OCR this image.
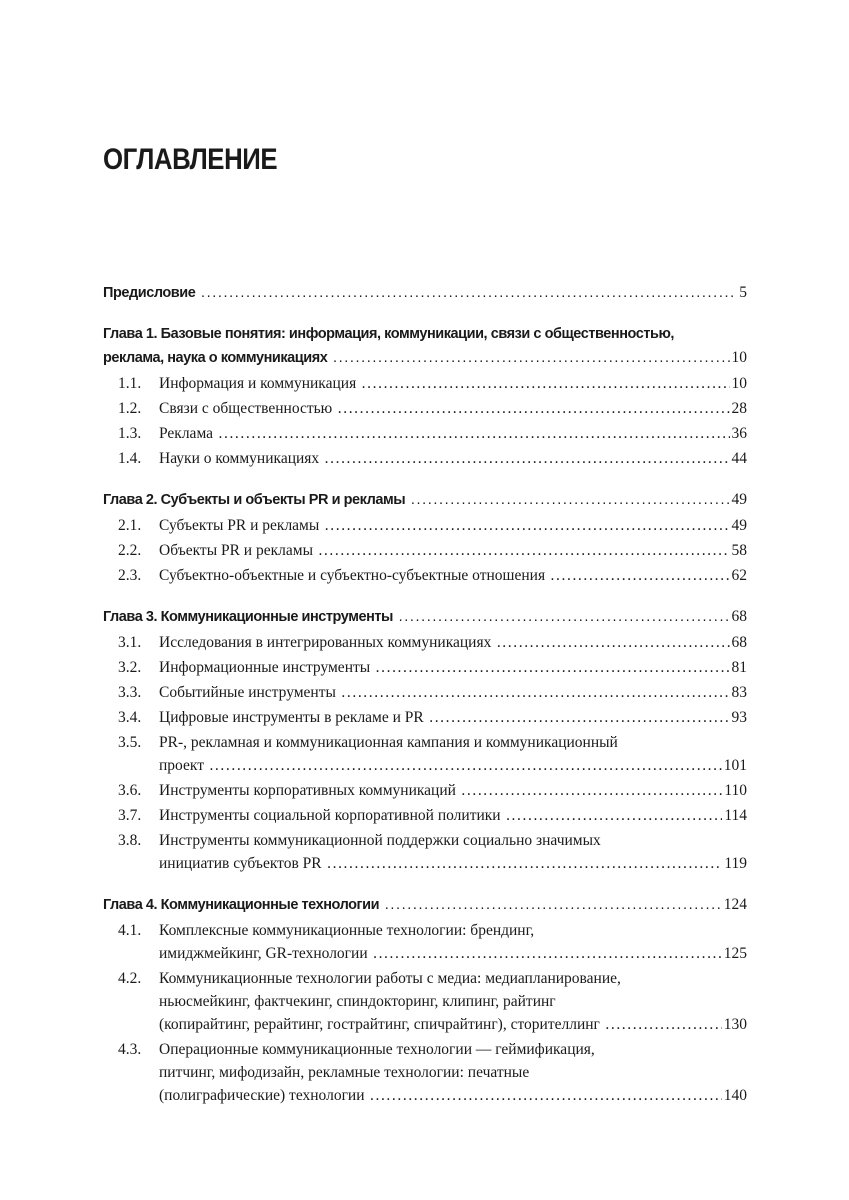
ОГЛАВЛЕНИЕ
Предисловие .....	5
Глава 1. Базовые понятия: информация, коммуникации, связи с общественностью,
реклама, наука о коммуникациях .....	10
1.1.	Информация и коммуникация .....	10
1.2.	Связи с общественностью .....	28
1.3.	Реклама .....	36
1.4.	Науки о коммуникациях .....	44
Глава 2. Субъекты и объекты PR и рекламы .....	49
2.1.	Субъекты PR и рекламы .....	49
2.2.	Объекты PR и рекламы .....	58
2.3.	Субъектно-объектные и субъектно-субъектные отношения .....	62
Глава 3. Коммуникационные инструменты .....	68
3.1.	Исследования в интегрированных коммуникациях .....	68
3.2.	Информационные инструменты .....	81
3.3.	Событийные инструменты .....	83
3.4.	Цифровые инструменты в рекламе и PR .....	93
3.5.	PR-, рекламная и коммуникационная кампания и коммуникационный
проект .....	101
3.6.	Инструменты корпоративных коммуникаций .....	110
3.7.	Инструменты социальной корпоративной политики .....	114
3.8.	Инструменты коммуникационной поддержки социально значимых
инициатив субъектов PR .....	119
Глава 4. Коммуникационные технологии .....	124
4.1.	Комплексные коммуникационные технологии: брендинг,
имиджмейкинг, GR-технологии .....	125
4.2.	Коммуникационные технологии работы с медиа: медиапланирование,
ньюсмейкинг, фактчекинг, спиндокторинг, клипинг, райтинг
(копирайтинг, рерайтинг, гострайтинг, спичрайтинг), сторителлинг .....	130
4.3.	Операционные коммуникационные технологии — геймификация,
питчинг, мифодизайн, рекламные технологии: печатные
(полиграфические) технологии .....	140
